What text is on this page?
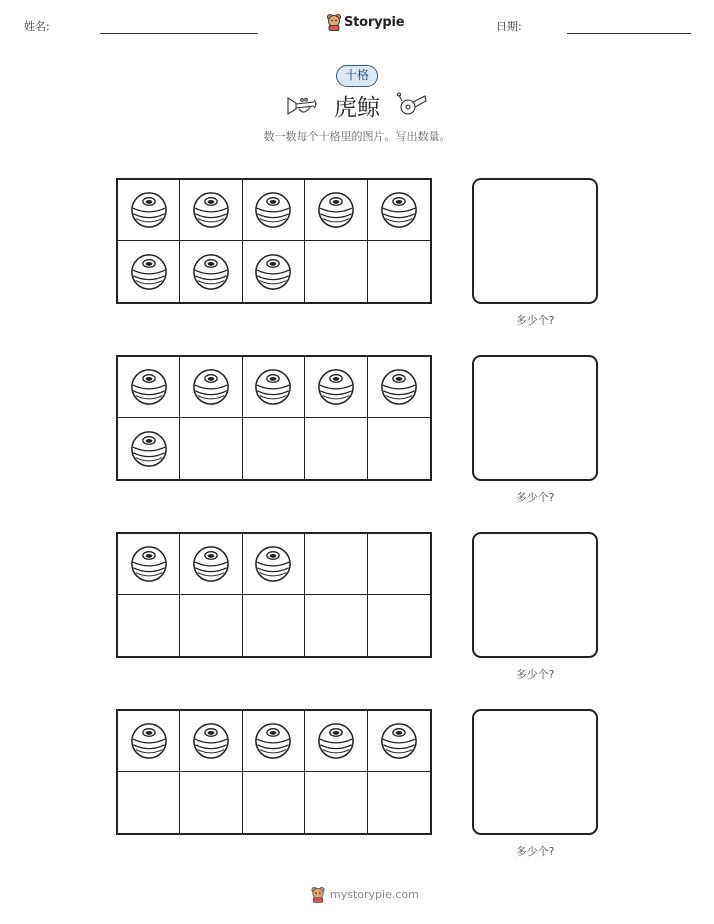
姓名:	Storypie	日期:
十格
虎鲸
数一数每个十格里的图片。写出数量。
多少个?
多少个?
多少个?
多少个?
mystorypie.com
